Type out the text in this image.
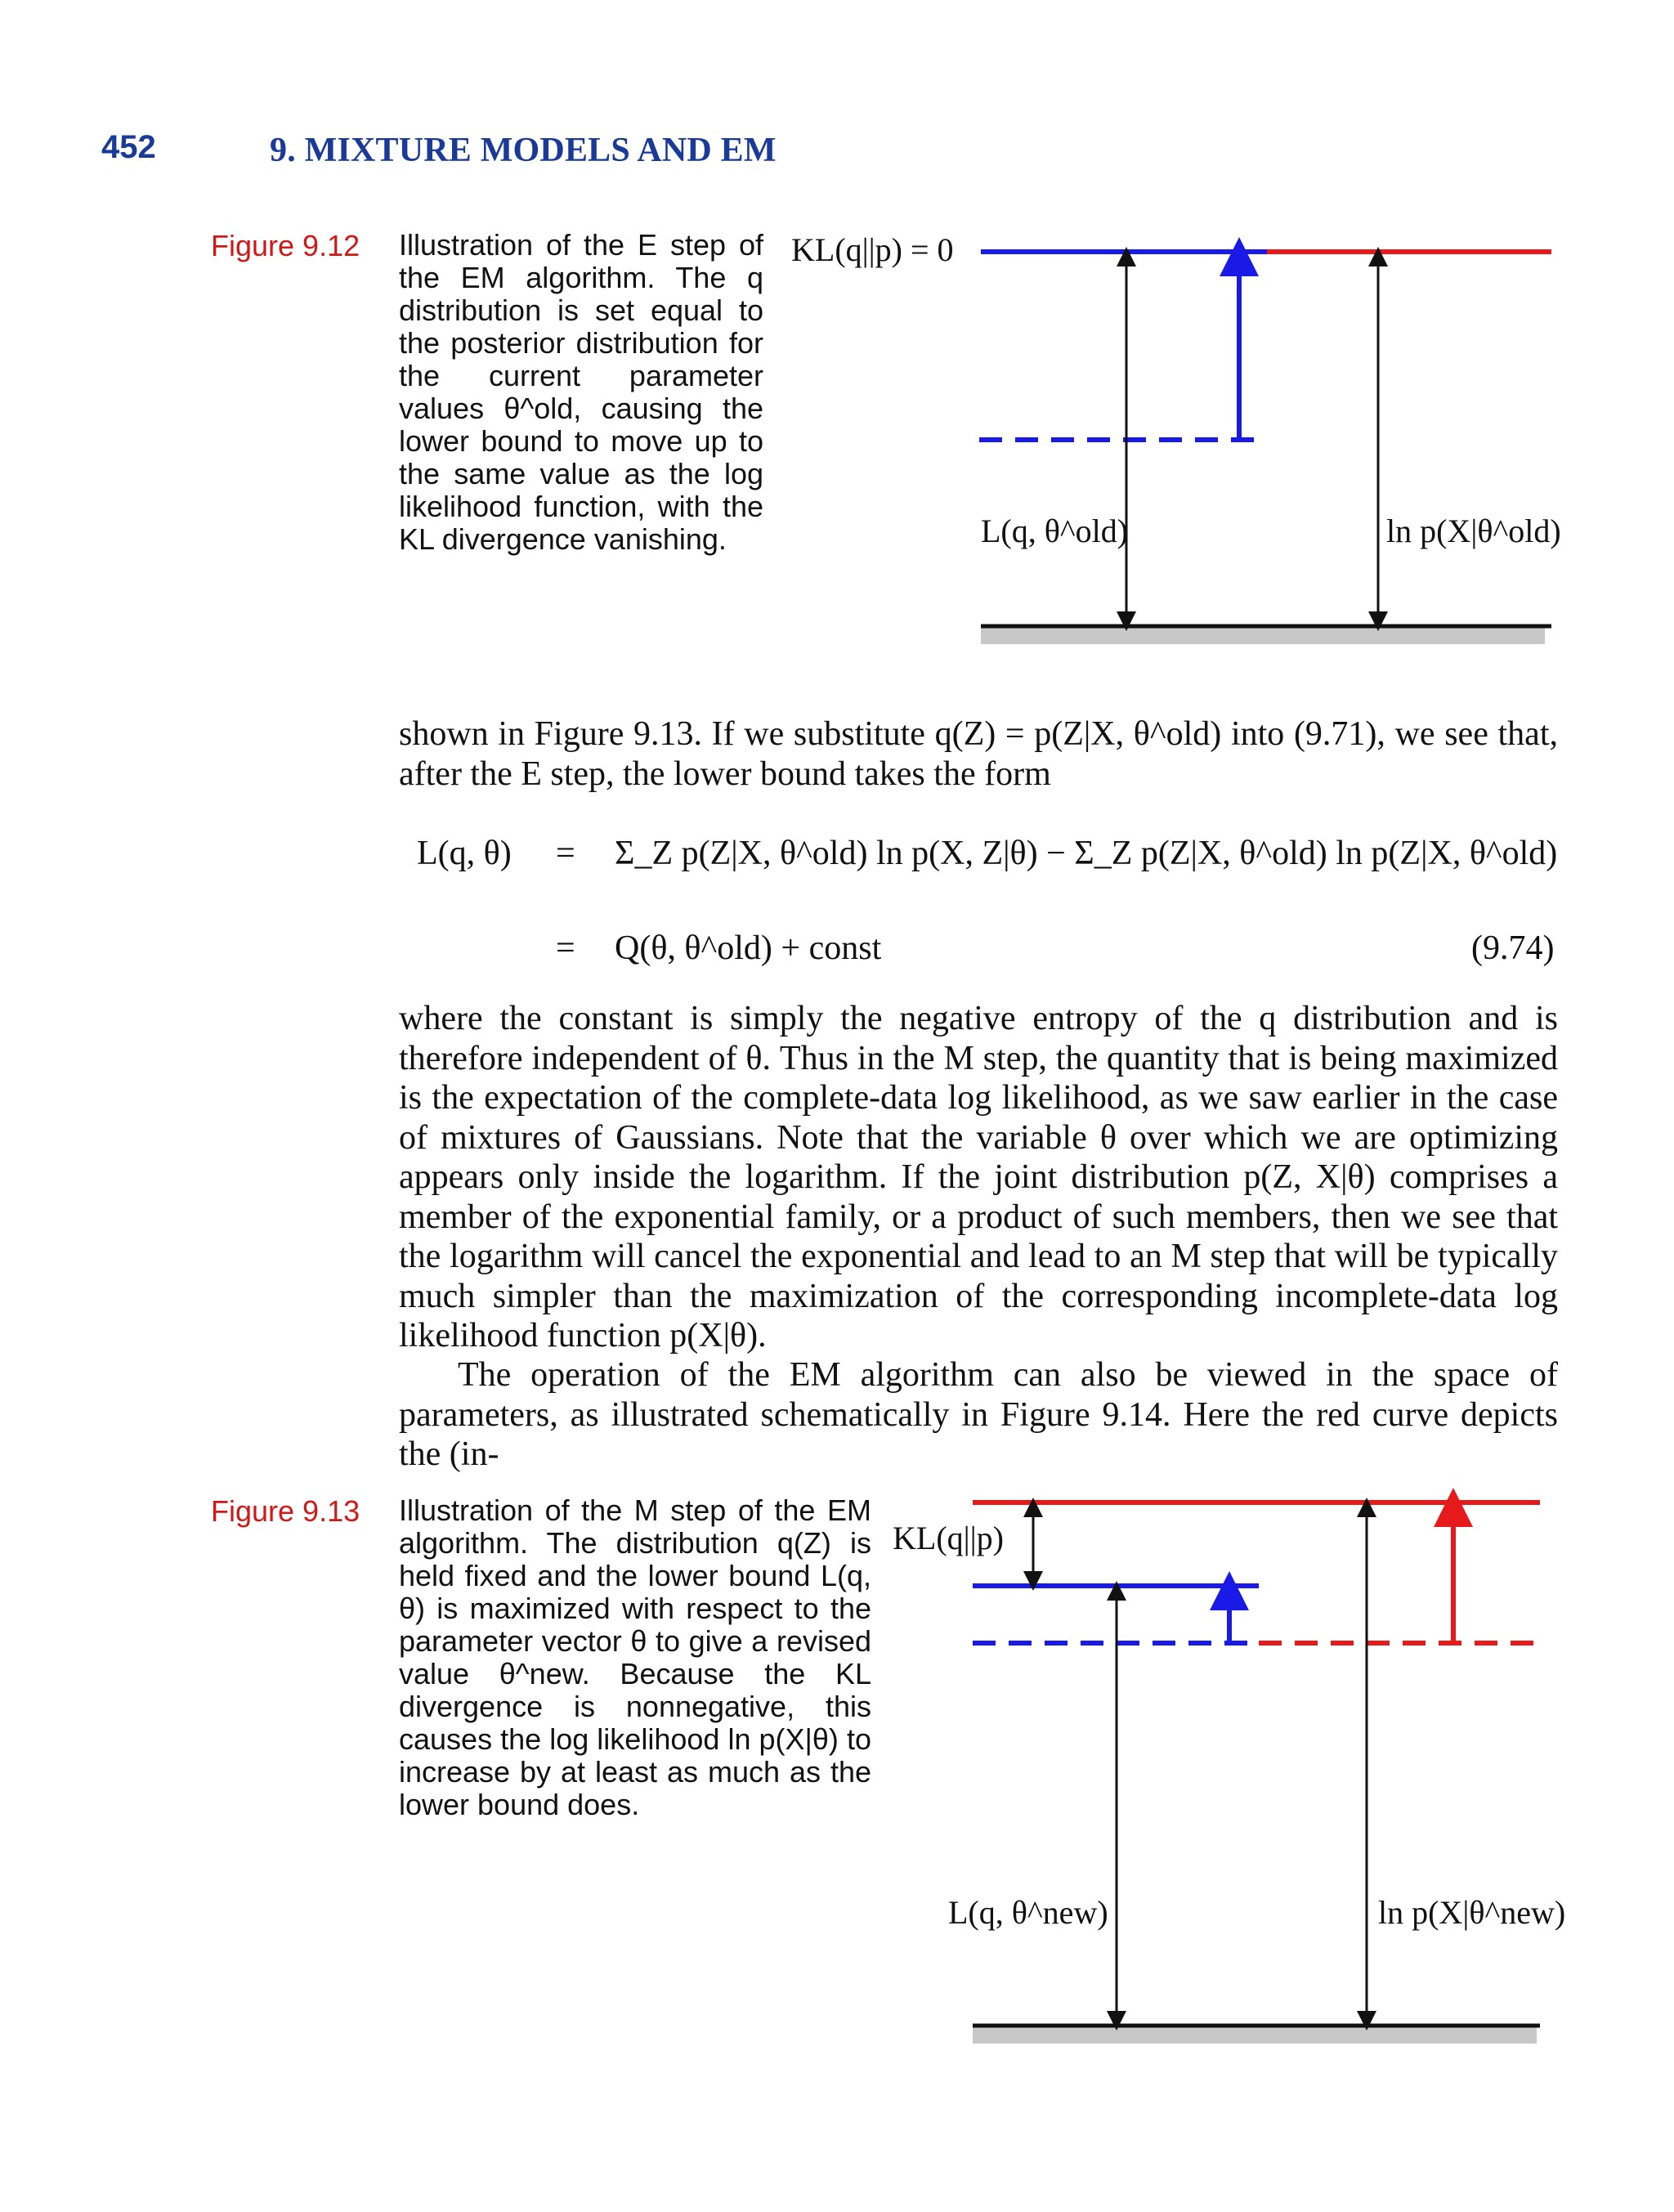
452	9. MIXTURE MODELS AND EM
Figure 9.12 Illustration of the E step of the EM algorithm. The q distribution is set equal to the posterior distribution for the current parameter values θ^old, causing the lower bound to move up to the same value as the log likelihood function, with the KL divergence vanishing.
KL(q||p) = 0
L(q, θ^old)	ln p(X|θ^old)
shown in Figure 9.13. If we substitute q(Z) = p(Z|X, θ^old) into (9.71), we see that, after the E step, the lower bound takes the form
L(q, θ) = Σ_Z p(Z|X, θ^old) ln p(X, Z|θ) − Σ_Z p(Z|X, θ^old) ln p(Z|X, θ^old)
= Q(θ, θ^old) + const	(9.74)
where the constant is simply the negative entropy of the q distribution and is therefore independent of θ. Thus in the M step, the quantity that is being maximized is the expectation of the complete-data log likelihood, as we saw earlier in the case of mixtures of Gaussians. Note that the variable θ over which we are optimizing appears only inside the logarithm. If the joint distribution p(Z, X|θ) comprises a member of the exponential family, or a product of such members, then we see that the logarithm will cancel the exponential and lead to an M step that will be typically much simpler than the maximization of the corresponding incomplete-data log likelihood function p(X|θ).
The operation of the EM algorithm can also be viewed in the space of parameters, as illustrated schematically in Figure 9.14. Here the red curve depicts the (in-
Figure 9.13 Illustration of the M step of the EM algorithm. The distribution q(Z) is held fixed and the lower bound L(q, θ) is maximized with respect to the parameter vector θ to give a revised value θ^new. Because the KL divergence is nonnegative, this causes the log likelihood ln p(X|θ) to increase by at least as much as the lower bound does.
KL(q||p)
L(q, θ^new)	ln p(X|θ^new)
